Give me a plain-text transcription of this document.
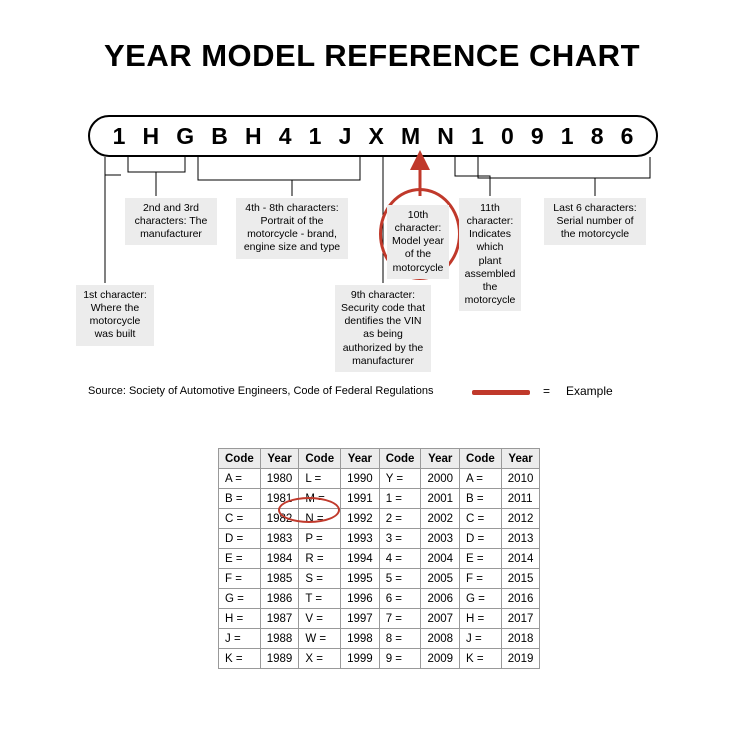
YEAR MODEL REFERENCE CHART
1 H G B H 4 1 J X M N 1 0 9 1 8 6
1st character: Where the motorcycle was built
2nd and 3rd characters: The manufacturer
4th - 8th characters: Portrait of the motorcycle - brand, engine size and type
9th character: Security code that dentifies the VIN as being authorized by the manufacturer
10th character: Model year of the motorcycle
11th character: Indicates which plant assembled the motorcycle
Last 6 characters: Serial number of the motorcycle
Source: Society of Automotive Engineers, Code of Federal Regulations	= Example
Code	Year	Code	Year	Code	Year	Code	Year
A =	1980	L =	1990	Y =	2000	A =	2010
B =	1981	M =	1991	1 =	2001	B =	2011
C =	1982	N =	1992	2 =	2002	C =	2012
D =	1983	P =	1993	3 =	2003	D =	2013
E =	1984	R =	1994	4 =	2004	E =	2014
F =	1985	S =	1995	5 =	2005	F =	2015
G =	1986	T =	1996	6 =	2006	G =	2016
H =	1987	V =	1997	7 =	2007	H =	2017
J =	1988	W =	1998	8 =	2008	J =	2018
K =	1989	X =	1999	9 =	2009	K =	2019
